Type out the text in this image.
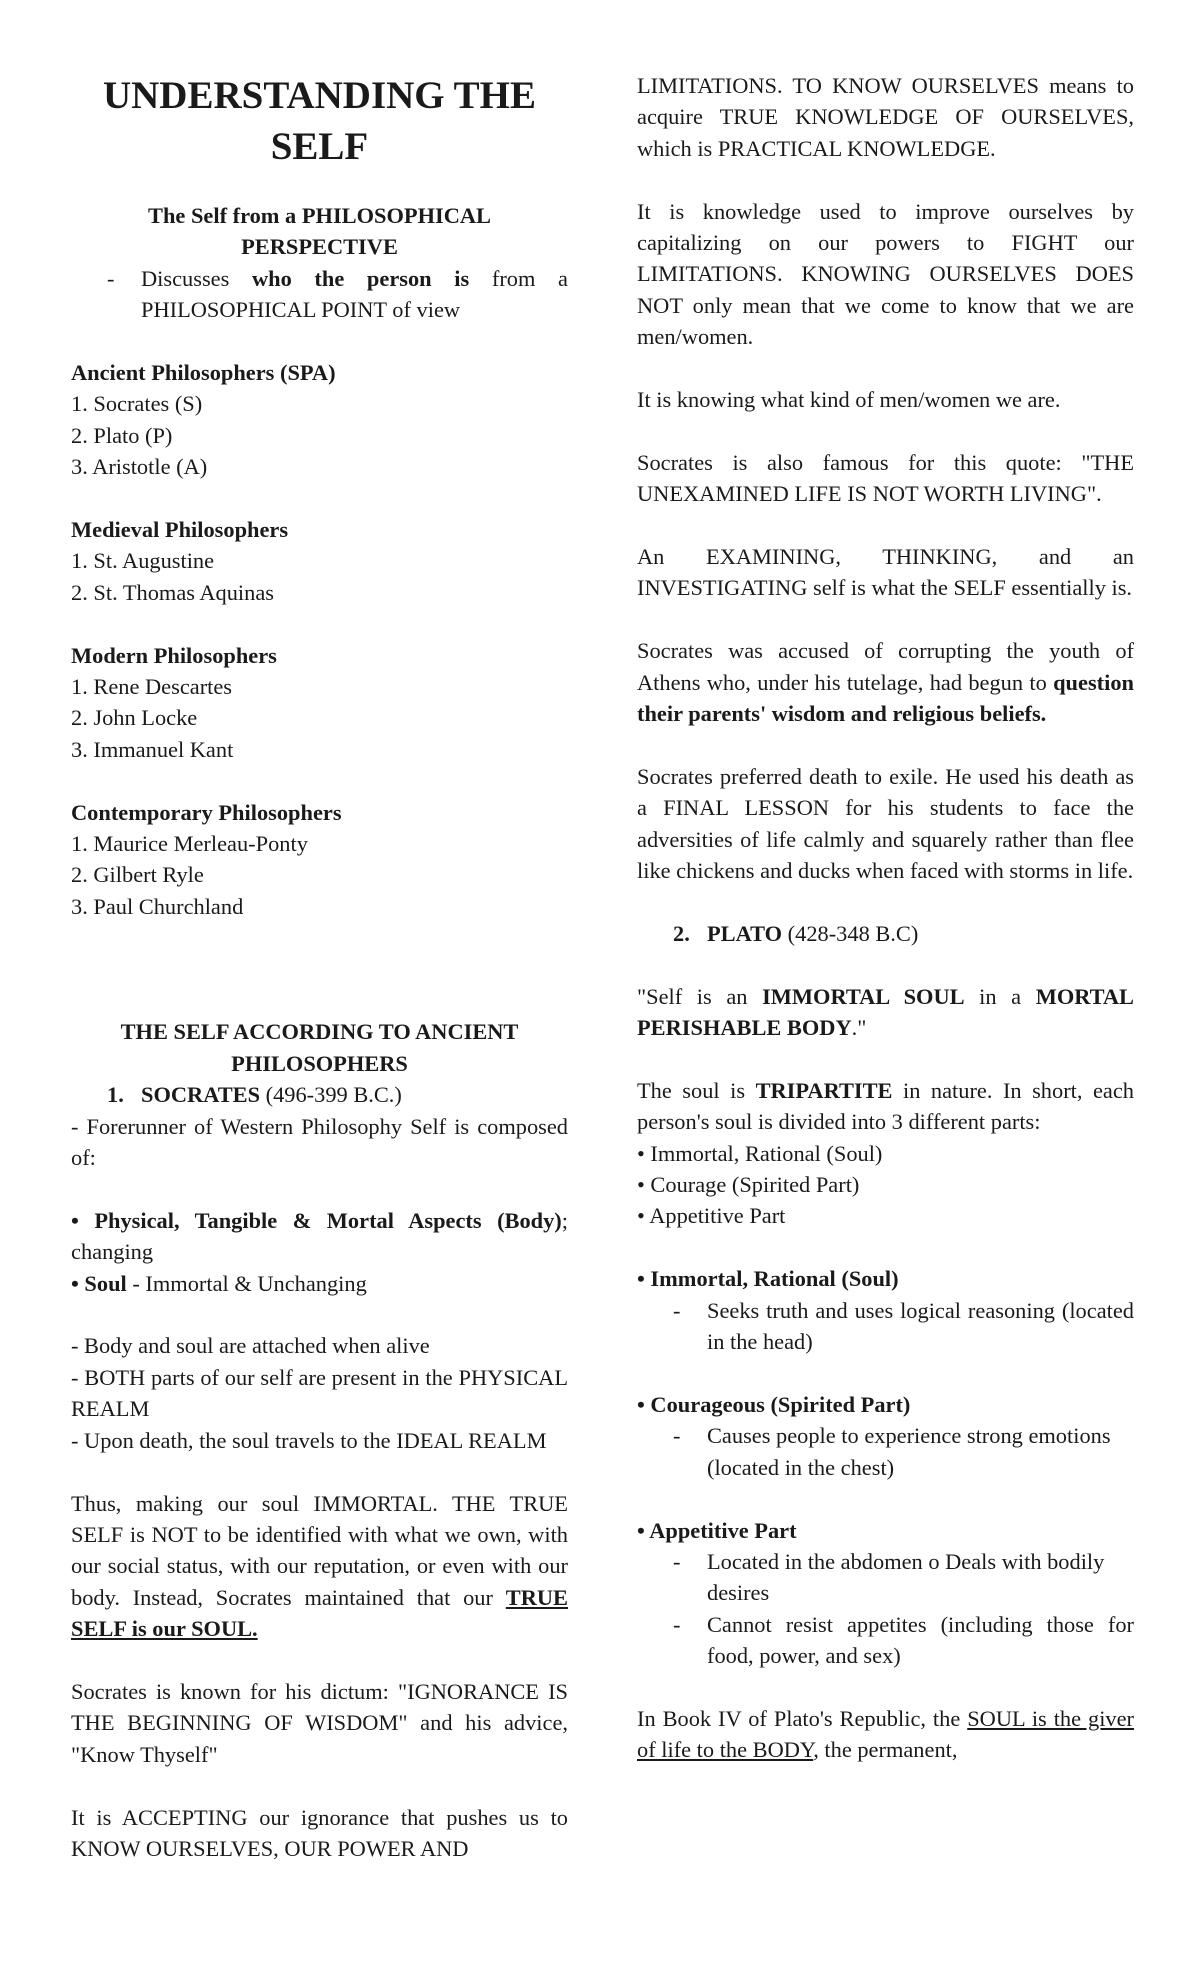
UNDERSTANDING THE
SELF

The Self from a PHILOSOPHICAL PERSPECTIVE

-	Discusses who the person is from a PHILOSOPHICAL POINT of view

Ancient Philosophers (SPA)

1. Socrates (S)

2. Plato (P)

3. Aristotle (A)

Medieval Philosophers

1. St. Augustine

2. St. Thomas Aquinas

Modern Philosophers

1. Rene Descartes

2. John Locke

3. Immanuel Kant

Contemporary Philosophers

1. Maurice Merleau-Ponty

2. Gilbert Ryle

3. Paul Churchland

THE SELF ACCORDING TO ANCIENT PHILOSOPHERS

1. SOCRATES (496-399 B.C.)

- Forerunner of Western Philosophy Self is composed of:

• Physical, Tangible & Mortal Aspects (Body); changing

• Soul - Immortal & Unchanging

- Body and soul are attached when alive

- BOTH parts of our self are present in the PHYSICAL REALM

- Upon death, the soul travels to the IDEAL REALM

Thus, making our soul IMMORTAL. THE TRUE SELF is NOT to be identified with what we own, with our social status, with our reputation, or even with our body. Instead, Socrates maintained that our TRUE SELF is our SOUL.

Socrates is known for his dictum: "IGNORANCE IS THE BEGINNING OF WISDOM" and his advice, "Know Thyself"

It is ACCEPTING our ignorance that pushes us to KNOW OURSELVES, OUR POWER AND

LIMITATIONS. TO KNOW OURSELVES means to acquire TRUE KNOWLEDGE OF OURSELVES, which is PRACTICAL KNOWLEDGE.

It is knowledge used to improve ourselves by capitalizing on our powers to FIGHT our LIMITATIONS. KNOWING OURSELVES DOES NOT only mean that we come to know that we are men/women.

It is knowing what kind of men/women we are.

Socrates is also famous for this quote: "THE UNEXAMINED LIFE IS NOT WORTH LIVING".

An EXAMINING, THINKING, and an INVESTIGATING self is what the SELF essentially is.

Socrates was accused of corrupting the youth of Athens who, under his tutelage, had begun to question their parents' wisdom and religious beliefs.

Socrates preferred death to exile. He used his death as a FINAL LESSON for his students to face the adversities of life calmly and squarely rather than flee like chickens and ducks when faced with storms in life.

2. PLATO (428-348 B.C)

"Self is an IMMORTAL SOUL in a MORTAL PERISHABLE BODY."

The soul is TRIPARTITE in nature. In short, each person's soul is divided into 3 different parts:

• Immortal, Rational (Soul)

• Courage (Spirited Part)

• Appetitive Part

• Immortal, Rational (Soul)

-	Seeks truth and uses logical reasoning (located in the head)

• Courageous (Spirited Part)

-	Causes people to experience strong emotions (located in the chest)

• Appetitive Part

-	Located in the abdomen o Deals with bodily desires

-	Cannot resist appetites (including those for food, power, and sex)

In Book IV of Plato's Republic, the SOUL is the giver of life to the BODY, the permanent,
